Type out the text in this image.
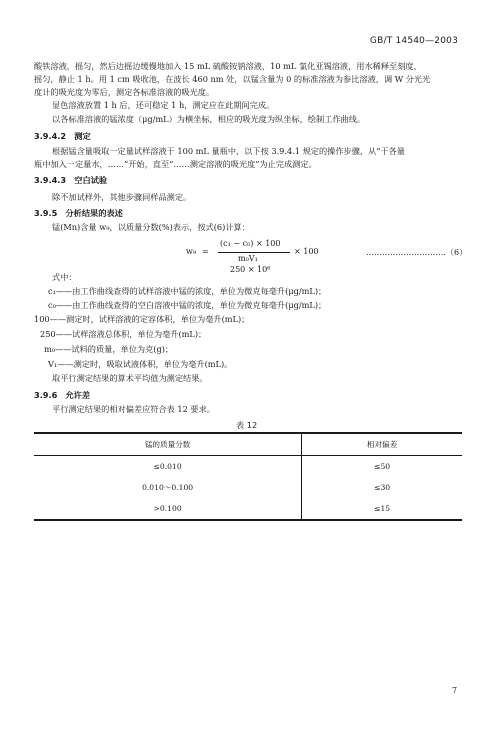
GB/T 14540—2003
酸铁溶液，摇匀，然后边摇边缓慢地加入 15 mL 硫酸铵钠溶液，10 mL 氯化亚锡溶液，用水稀释至刻度，
摇匀，静止 1 h。用 1 cm 吸收池，在波长 460 nm 处，以锰含量为 0 的标准溶液为参比溶液，调 W 分光光
度计的吸光度为零后，测定各标准溶液的吸光度。
显色溶液放置 1 h 后，还可稳定 1 h，测定应在此期间完成。
以各标准溶液的锰浓度（μg/mL）为横坐标，相应的吸光度为纵坐标，绘制工作曲线。
3.9.4.2　测定
根据锰含量吸取一定量试样溶液于 100 mL 量瓶中，以下按 3.9.4.1 规定的操作步骤，从“于各量
瓶中加入一定量水，……”开始，直至“……测定溶液的吸光度”为止完成测定。
3.9.4.3　空白试验
除不加试样外，其他步骤同样品测定。
3.9.5　分析结果的表述
锰(Mn)含量 w₉，以质量分数(%)表示，按式(6)计算：
w₉ =
(c₁ − c₀) × 100
m₀V₁
250 × 10⁶
× 100	…………………………（6）
式中：
c₁——由工作曲线查得的试样溶液中锰的浓度，单位为微克每毫升(μg/mL)；
c₀——由工作曲线查得的空白溶液中锰的浓度，单位为微克每毫升(μg/mL)；
100——测定时，试样溶液的定容体积，单位为毫升(mL)；
250——试样溶液总体积，单位为毫升(mL)；
m₀——试料的质量，单位为克(g)；
V₁——测定时，吸取试液体积，单位为毫升(mL)。
取平行测定结果的算术平均值为测定结果。
3.9.6　允许差
平行测定结果的相对偏差应符合表 12 要求。
表 12
锰的质量分数	相对偏差
≤0.010	≤50
0.010～0.100	≤30
>0.100	≤15
7
